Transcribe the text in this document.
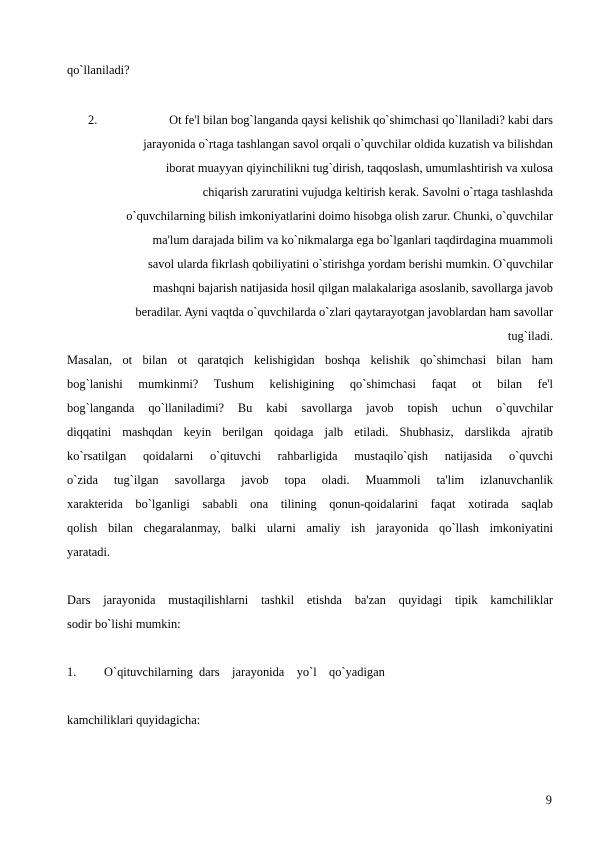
qo`llaniladi?
2.	Ot fe'l bilan bog`langanda qaysi kelishik qo`shimchasi qo`llaniladi? kabi dars
jarayonida o`rtaga tashlangan savol orqali o`quvchilar oldida kuzatish va bilishdan
iborat muayyan qiyinchilikni tug`dirish, taqqoslash, umumlashtirish va xulosa
chiqarish zaruratini vujudga keltirish kerak. Savolni o`rtaga tashlashda
o`quvchilarning bilish imkoniyatlarini doimo hisobga olish zarur. Chunki, o`quvchilar
ma'lum darajada bilim va ko`nikmalarga ega bo`lganlari taqdirdagina muammoli
savol ularda fikrlash qobiliyatini o`stirishga yordam berishi mumkin. O`quvchilar
mashqni bajarish natijasida hosil qilgan malakalariga asoslanib, savollarga javob
beradilar. Ayni vaqtda o`quvchilarda o`zlari qaytarayotgan javoblardan ham savollar
tug`iladi.
Masalan, ot bilan ot qaratqich kelishigidan boshqa kelishik qo`shimchasi bilan ham
bog`lanishi mumkinmi? Tushum kelishigining qo`shimchasi faqat ot bilan fe'l
bog`langanda qo`llaniladimi? Bu kabi savollarga javob topish uchun o`quvchilar
diqqatini mashqdan keyin berilgan qoidaga jalb etiladi. Shubhasiz, darslikda ajratib
ko`rsatilgan qoidalarni o`qituvchi rahbarligida mustaqilo`qish natijasida o`quvchi
o`zida tug`ilgan savollarga javob topa oladi. Muammoli ta'lim izlanuvchanlik
xarakterida bo`lganligi sababli ona tilining qonun-qoidalarini faqat xotirada saqlab
qolish bilan chegaralanmay, balki ularni amaliy ish jarayonida qo`llash imkoniyatini
yaratadi.
Dars jarayonida mustaqilishlarni tashkil etishda ba'zan quyidagi tipik kamchiliklar
sodir bo`lishi mumkin:
1. O`qituvchilarning  dars    jarayonida    yo`l    qo`yadigan
kamchiliklari quyidagicha:
9
